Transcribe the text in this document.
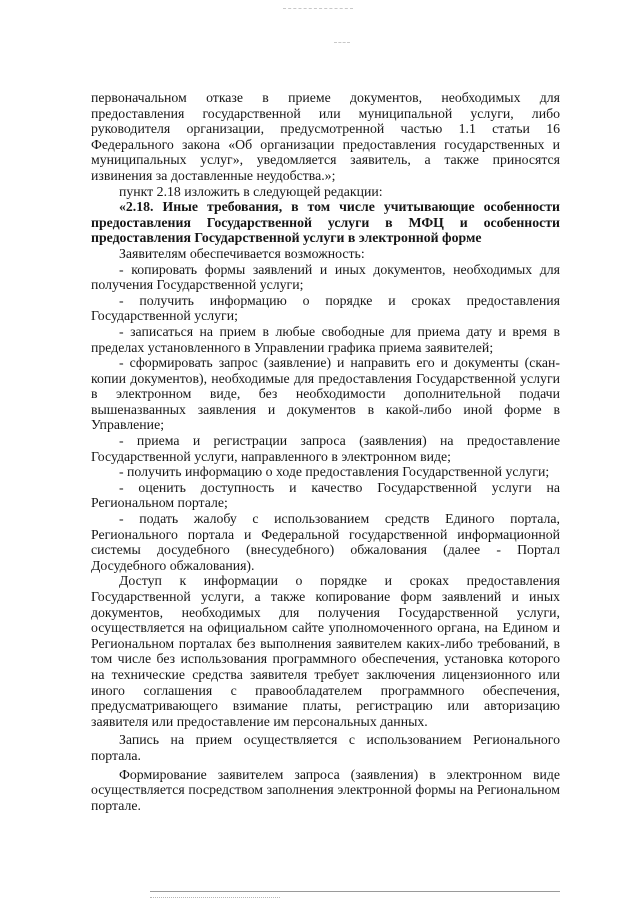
первоначальном отказе в приеме документов, необходимых для предоставления государственной или муниципальной услуги, либо руководителя организации, предусмотренной частью 1.1 статьи 16 Федерального закона «Об организации предоставления государственных и муниципальных услуг», уведомляется заявитель, а также приносятся извинения за доставленные неудобства.»;

пункт 2.18 изложить в следующей редакции:

«2.18. Иные требования, в том числе учитывающие особенности предоставления Государственной услуги в МФЦ и особенности предоставления Государственной услуги в электронной форме

Заявителям обеспечивается возможность:

- копировать формы заявлений и иных документов, необходимых для получения Государственной услуги;

- получить информацию о порядке и сроках предоставления Государственной услуги;

- записаться на прием в любые свободные для приема дату и время в пределах установленного в Управлении графика приема заявителей;

- сформировать запрос (заявление) и направить его и документы (скан-копии документов), необходимые для предоставления Государственной услуги в электронном виде, без необходимости дополнительной подачи вышеназванных заявления и документов в какой-либо иной форме в Управление;

- приема и регистрации запроса (заявления) на предоставление Государственной услуги, направленного в электронном виде;

- получить информацию о ходе предоставления Государственной услуги;

- оценить доступность и качество Государственной услуги на Региональном портале;

- подать жалобу с использованием средств Единого портала, Регионального портала и Федеральной государственной информационной системы досудебного (внесудебного) обжалования (далее - Портал Досудебного обжалования).

Доступ к информации о порядке и сроках предоставления Государственной услуги, а также копирование форм заявлений и иных документов, необходимых для получения Государственной услуги, осуществляется на официальном сайте уполномоченного органа, на Едином и Региональном порталах без выполнения заявителем каких-либо требований, в том числе без использования программного обеспечения, установка которого на технические средства заявителя требует заключения лицензионного или иного соглашения с правообладателем программного обеспечения, предусматривающего взимание платы, регистрацию или авторизацию заявителя или предоставление им персональных данных.

Запись на прием осуществляется с использованием Регионального портала.

Формирование заявителем запроса (заявления) в электронном виде осуществляется посредством заполнения электронной формы на Региональном портале.
